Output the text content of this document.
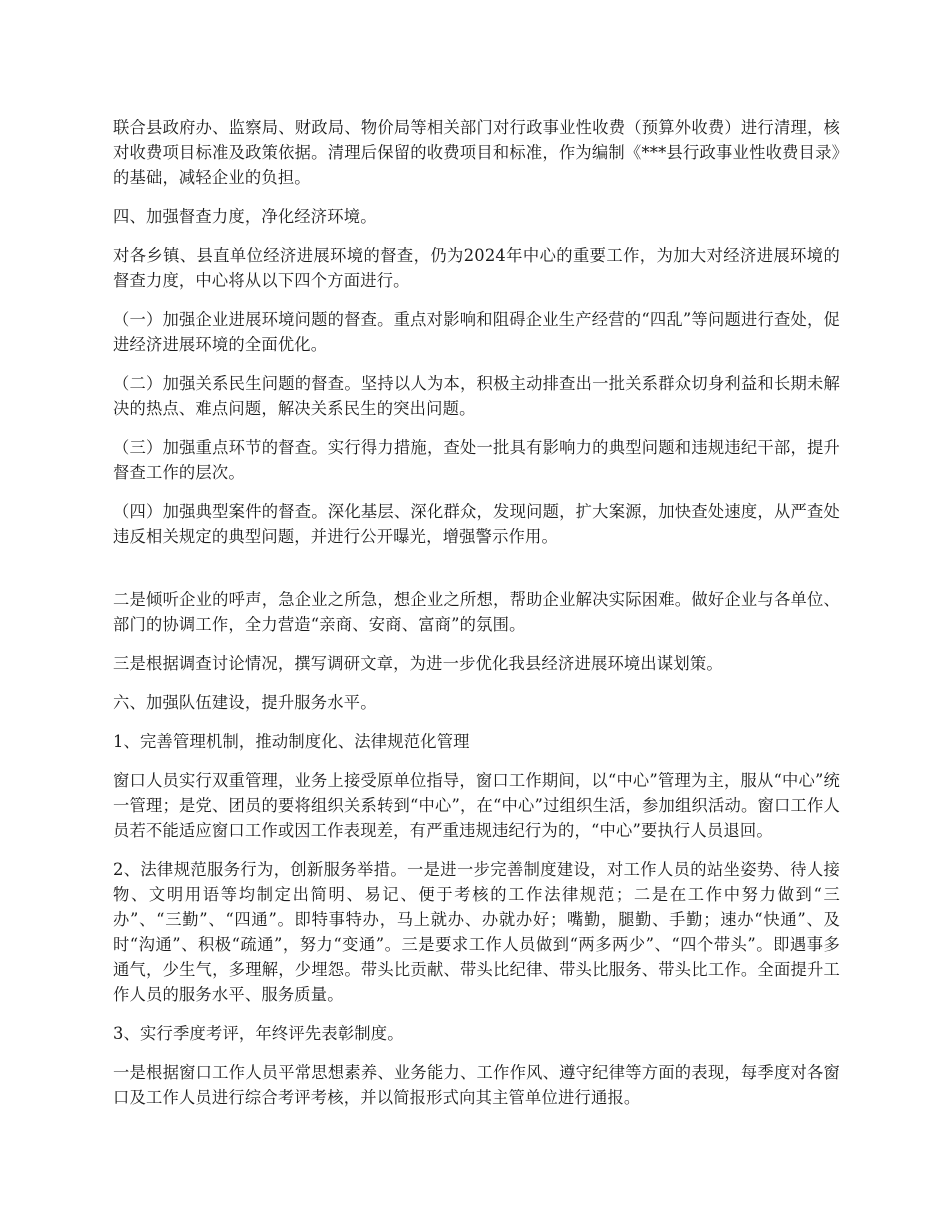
联合县政府办、监察局、财政局、物价局等相关部门对行政事业性收费（预算外收费）进行清理，核对收费项目标准及政策依据。清理后保留的收费项目和标准，作为编制《***县行政事业性收费目录》的基础，减轻企业的负担。

四、加强督查力度，净化经济环境。

对各乡镇、县直单位经济进展环境的督查，仍为2024年中心的重要工作，为加大对经济进展环境的督查力度，中心将从以下四个方面进行。

（一）加强企业进展环境问题的督查。重点对影响和阻碍企业生产经营的“四乱”等问题进行查处，促进经济进展环境的全面优化。

（二）加强关系民生问题的督查。坚持以人为本，积极主动排查出一批关系群众切身利益和长期未解决的热点、难点问题，解决关系民生的突出问题。

（三）加强重点环节的督查。实行得力措施，查处一批具有影响力的典型问题和违规违纪干部，提升督查工作的层次。

（四）加强典型案件的督查。深化基层、深化群众，发现问题，扩大案源，加快查处速度，从严查处违反相关规定的典型问题，并进行公开曝光，增强警示作用。

二是倾听企业的呼声，急企业之所急，想企业之所想，帮助企业解决实际困难。做好企业与各单位、部门的协调工作，全力营造“亲商、安商、富商”的氛围。

三是根据调查讨论情况，撰写调研文章，为进一步优化我县经济进展环境出谋划策。

六、加强队伍建设，提升服务水平。

1、完善管理机制，推动制度化、法律规范化管理

窗口人员实行双重管理，业务上接受原单位指导，窗口工作期间，以“中心”管理为主，服从“中心”统一管理；是党、团员的要将组织关系转到“中心”，在“中心”过组织生活，参加组织活动。窗口工作人员若不能适应窗口工作或因工作表现差，有严重违规违纪行为的，“中心”要执行人员退回。

2、法律规范服务行为，创新服务举措。一是进一步完善制度建设，对工作人员的站坐姿势、待人接物、文明用语等均制定出简明、易记、便于考核的工作法律规范；二是在工作中努力做到“三办”、“三勤”、“四通”。即特事特办，马上就办、办就办好；嘴勤，腿勤、手勤；速办“快通”、及时“沟通”、积极“疏通”，努力“变通”。三是要求工作人员做到“两多两少”、“四个带头”。即遇事多通气，少生气，多理解，少埋怨。带头比贡献、带头比纪律、带头比服务、带头比工作。全面提升工作人员的服务水平、服务质量。

3、实行季度考评，年终评先表彰制度。

一是根据窗口工作人员平常思想素养、业务能力、工作作风、遵守纪律等方面的表现，每季度对各窗口及工作人员进行综合考评考核，并以简报形式向其主管单位进行通报。
